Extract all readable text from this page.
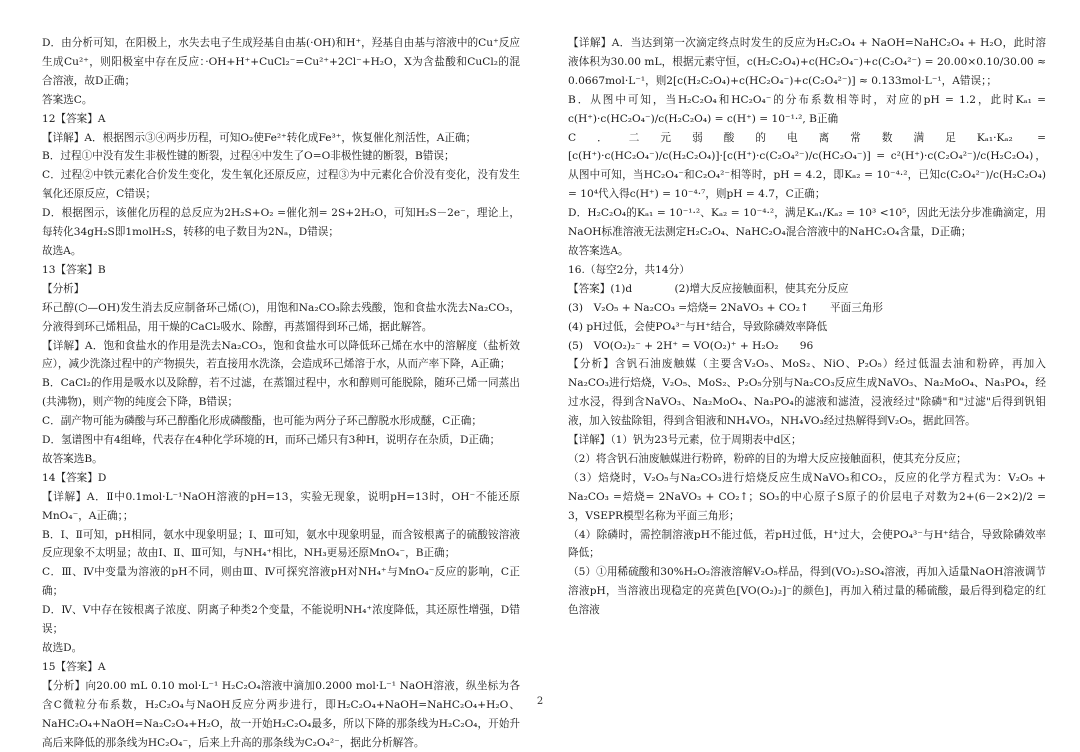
D．由分析可知，在阳极上，水失去电子生成羟基自由基(·OH)和H⁺，羟基自由基与溶液中的Cu⁺反应生成Cu²⁺，则阳极室中存在反应：·OH+H⁺+CuCl₂⁻=Cu²⁺+2Cl⁻+H₂O，X为含盐酸和CuCl₂的混合溶液，故D正确；

答案选C。

12【答案】A

【详解】A．根据图示③④两步历程，可知O₂使Fe²⁺转化成Fe³⁺，恢复催化剂活性，A正确；

B．过程①中没有发生非极性键的断裂，过程④中发生了O=O非极性键的断裂，B错误；

C．过程②中铁元素化合价发生变化，发生氧化还原反应，过程③为中元素化合价没有变化，没有发生氧化还原反应，C错误；

D．根据图示，该催化历程的总反应为2H₂S+O₂ =催化剂= 2S+2H₂O，可知H₂S－2e⁻，理论上，每转化34gH₂S即1molH₂S，转移的电子数目为2Nₐ，D错误；

故选A。

13【答案】B

【分析】

环己醇(⬡—OH)发生消去反应制备环己烯(⬡)，用饱和Na₂CO₃除去残酸，饱和食盐水洗去Na₂CO₃，分液得到环己烯粗品，用干燥的CaCl₂吸水、除醇，再蒸馏得到环己烯，据此解答。

【详解】A．饱和食盐水的作用是洗去Na₂CO₃，饱和食盐水可以降低环己烯在水中的溶解度（盐析效应），减少洗涤过程中的产物损失，若直接用水洗涤，会造成环己烯溶于水，从而产率下降，A正确；

B．CaCl₂的作用是吸水以及除醇，若不过滤，在蒸馏过程中，水和醇则可能脱除，随环己烯一同蒸出(共沸物)，则产物的纯度会下降，B错误；

C．副产物可能为磷酸与环己醇酯化形成磷酸酯，也可能为两分子环己醇脱水形成醚，C正确；

D．氢谱图中有4组峰，代表存在4种化学环境的H，而环己烯只有3种H，说明存在杂质，D正确；

故答案选B。

14【答案】D

【详解】A．Ⅱ中0.1mol·L⁻¹NaOH溶液的pH=13，实验无现象，说明pH=13时，OH⁻不能还原MnO₄⁻，A正确；；

B．Ⅰ、Ⅱ可知，pH相同，氨水中现象明显；Ⅰ、Ⅲ可知，氨水中现象明显，而含铵根离子的硫酸铵溶液反应现象不太明显；故由Ⅰ、Ⅱ、Ⅲ可知，与NH₄⁺相比，NH₃更易还原MnO₄⁻，B正确；

C．Ⅲ、Ⅳ中变量为溶液的pH不同，则由Ⅲ、Ⅳ可探究溶液pH对NH₄⁺与MnO₄⁻反应的影响，C正确；

D．Ⅳ、Ⅴ中存在铵根离子浓度、阴离子种类2个变量，不能说明NH₄⁺浓度降低，其还原性增强，D错误；

故选D。

15【答案】A

【分析】向20.00 mL 0.10 mol·L⁻¹ H₂C₂O₄溶液中滴加0.2000 mol·L⁻¹ NaOH溶液，纵坐标为各含C微粒分布系数，H₂C₂O₄与NaOH反应分两步进行，即H₂C₂O₄+NaOH=NaHC₂O₄+H₂O、NaHC₂O₄+NaOH=Na₂C₂O₄+H₂O，故一开始H₂C₂O₄最多，所以下降的那条线为H₂C₂O₄，开始升高后来降低的那条线为HC₂O₄⁻，后来上升高的那条线为C₂O₄²⁻，据此分析解答。

【详解】A．当达到第一次滴定终点时发生的反应为H₂C₂O₄ + NaOH=NaHC₂O₄ + H₂O，此时溶液体积为30.00 mL，根据元素守恒，c(H₂C₂O₄)+c(HC₂O₄⁻)+c(C₂O₄²⁻) = 20.00×0.10/30.00 ≈ 0.0667mol·L⁻¹，则2[c(H₂C₂O₄)+c(HC₂O₄⁻)+c(C₂O₄²⁻)] ≈ 0.133mol·L⁻¹，A错误；；

B．从图中可知，当H₂C₂O₄和HC₂O₄⁻的分布系数相等时，对应的pH = 1.2，此时Kₐ₁ = c(H⁺)·c(HC₂O₄⁻)/c(H₂C₂O₄) = c(H⁺) = 10⁻¹·², B正确

C．二元弱酸的电离常数满足Kₐ₁·Kₐ₂ = [c(H⁺)·c(HC₂O₄⁻)/c(H₂C₂O₄)]·[c(H⁺)·c(C₂O₄²⁻)/c(HC₂O₄⁻)] = c²(H⁺)·c(C₂O₄²⁻)/c(H₂C₂O₄)，从图中可知，当HC₂O₄⁻和C₂O₄²⁻相等时，pH = 4.2，即Kₐ₂ = 10⁻⁴·²，已知c(C₂O₄²⁻)/c(H₂C₂O₄) = 10⁴代入得c(H⁺) = 10⁻⁴·⁷，则pH = 4.7，C正确；

D．H₂C₂O₄的Kₐ₁ = 10⁻¹·²、Kₐ₂ = 10⁻⁴·²，满足Kₐ₁/Kₐ₂ = 10³ <10⁵，因此无法分步准确滴定，用NaOH标准溶液无法测定H₂C₂O₄、NaHC₂O₄混合溶液中的NaHC₂O₄含量，D正确；

故答案选A。

16.（每空2分，共14分）

【答案】(1)d　　　　(2)增大反应接触面积，使其充分反应

(3)　V₂O₅ + Na₂CO₃ =焙烧= 2NaVO₃ + CO₂↑　　平面三角形

(4) pH过低，会使PO₄³⁻与H⁺结合，导致除磷效率降低

(5)　VO(O₂)₂⁻ + 2H⁺ = VO(O₂)⁺ + H₂O₂　　96

【分析】含钒石油废触媒（主要含V₂O₅、MoS₂、NiO、P₂O₅）经过低温去油和粉碎，再加入Na₂CO₃进行焙烧，V₂O₅、MoS₂、P₂O₅分别与Na₂CO₃反应生成NaVO₃、Na₂MoO₄、Na₃PO₄，经过水浸，得到含NaVO₃、Na₂MoO₄、Na₃PO₄的滤液和滤渣，浸液经过"除磷"和"过滤"后得到钒钼液，加入铵盐除钼，得到含钼液和NH₄VO₃，NH₄VO₃经过热解得到V₂O₅，据此回答。

【详解】（1）钒为23号元素，位于周期表中d区；

（2）将含钒石油废触媒进行粉碎，粉碎的目的为增大反应接触面积，使其充分反应；

（3）焙烧时，V₂O₅与Na₂CO₃进行焙烧反应生成NaVO₃和CO₂，反应的化学方程式为：V₂O₅ + Na₂CO₃ =焙烧= 2NaVO₃ + CO₂↑；SO₃的中心原子S原子的价层电子对数为2+(6－2×2)/2 = 3，VSEPR模型名称为平面三角形；

（4）除磷时，需控制溶液pH不能过低，若pH过低，H⁺过大，会使PO₄³⁻与H⁺结合，导致除磷效率降低；

（5）①用稀硫酸和30%H₂O₂溶液溶解V₂O₅样品，得到(VO₂)₂SO₄溶液，再加入适量NaOH溶液调节溶液pH，当溶液出现稳定的亮黄色[VO(O₂)₂]⁻的颜色]，再加入稍过量的稀硫酸，最后得到稳定的红色溶液

2
